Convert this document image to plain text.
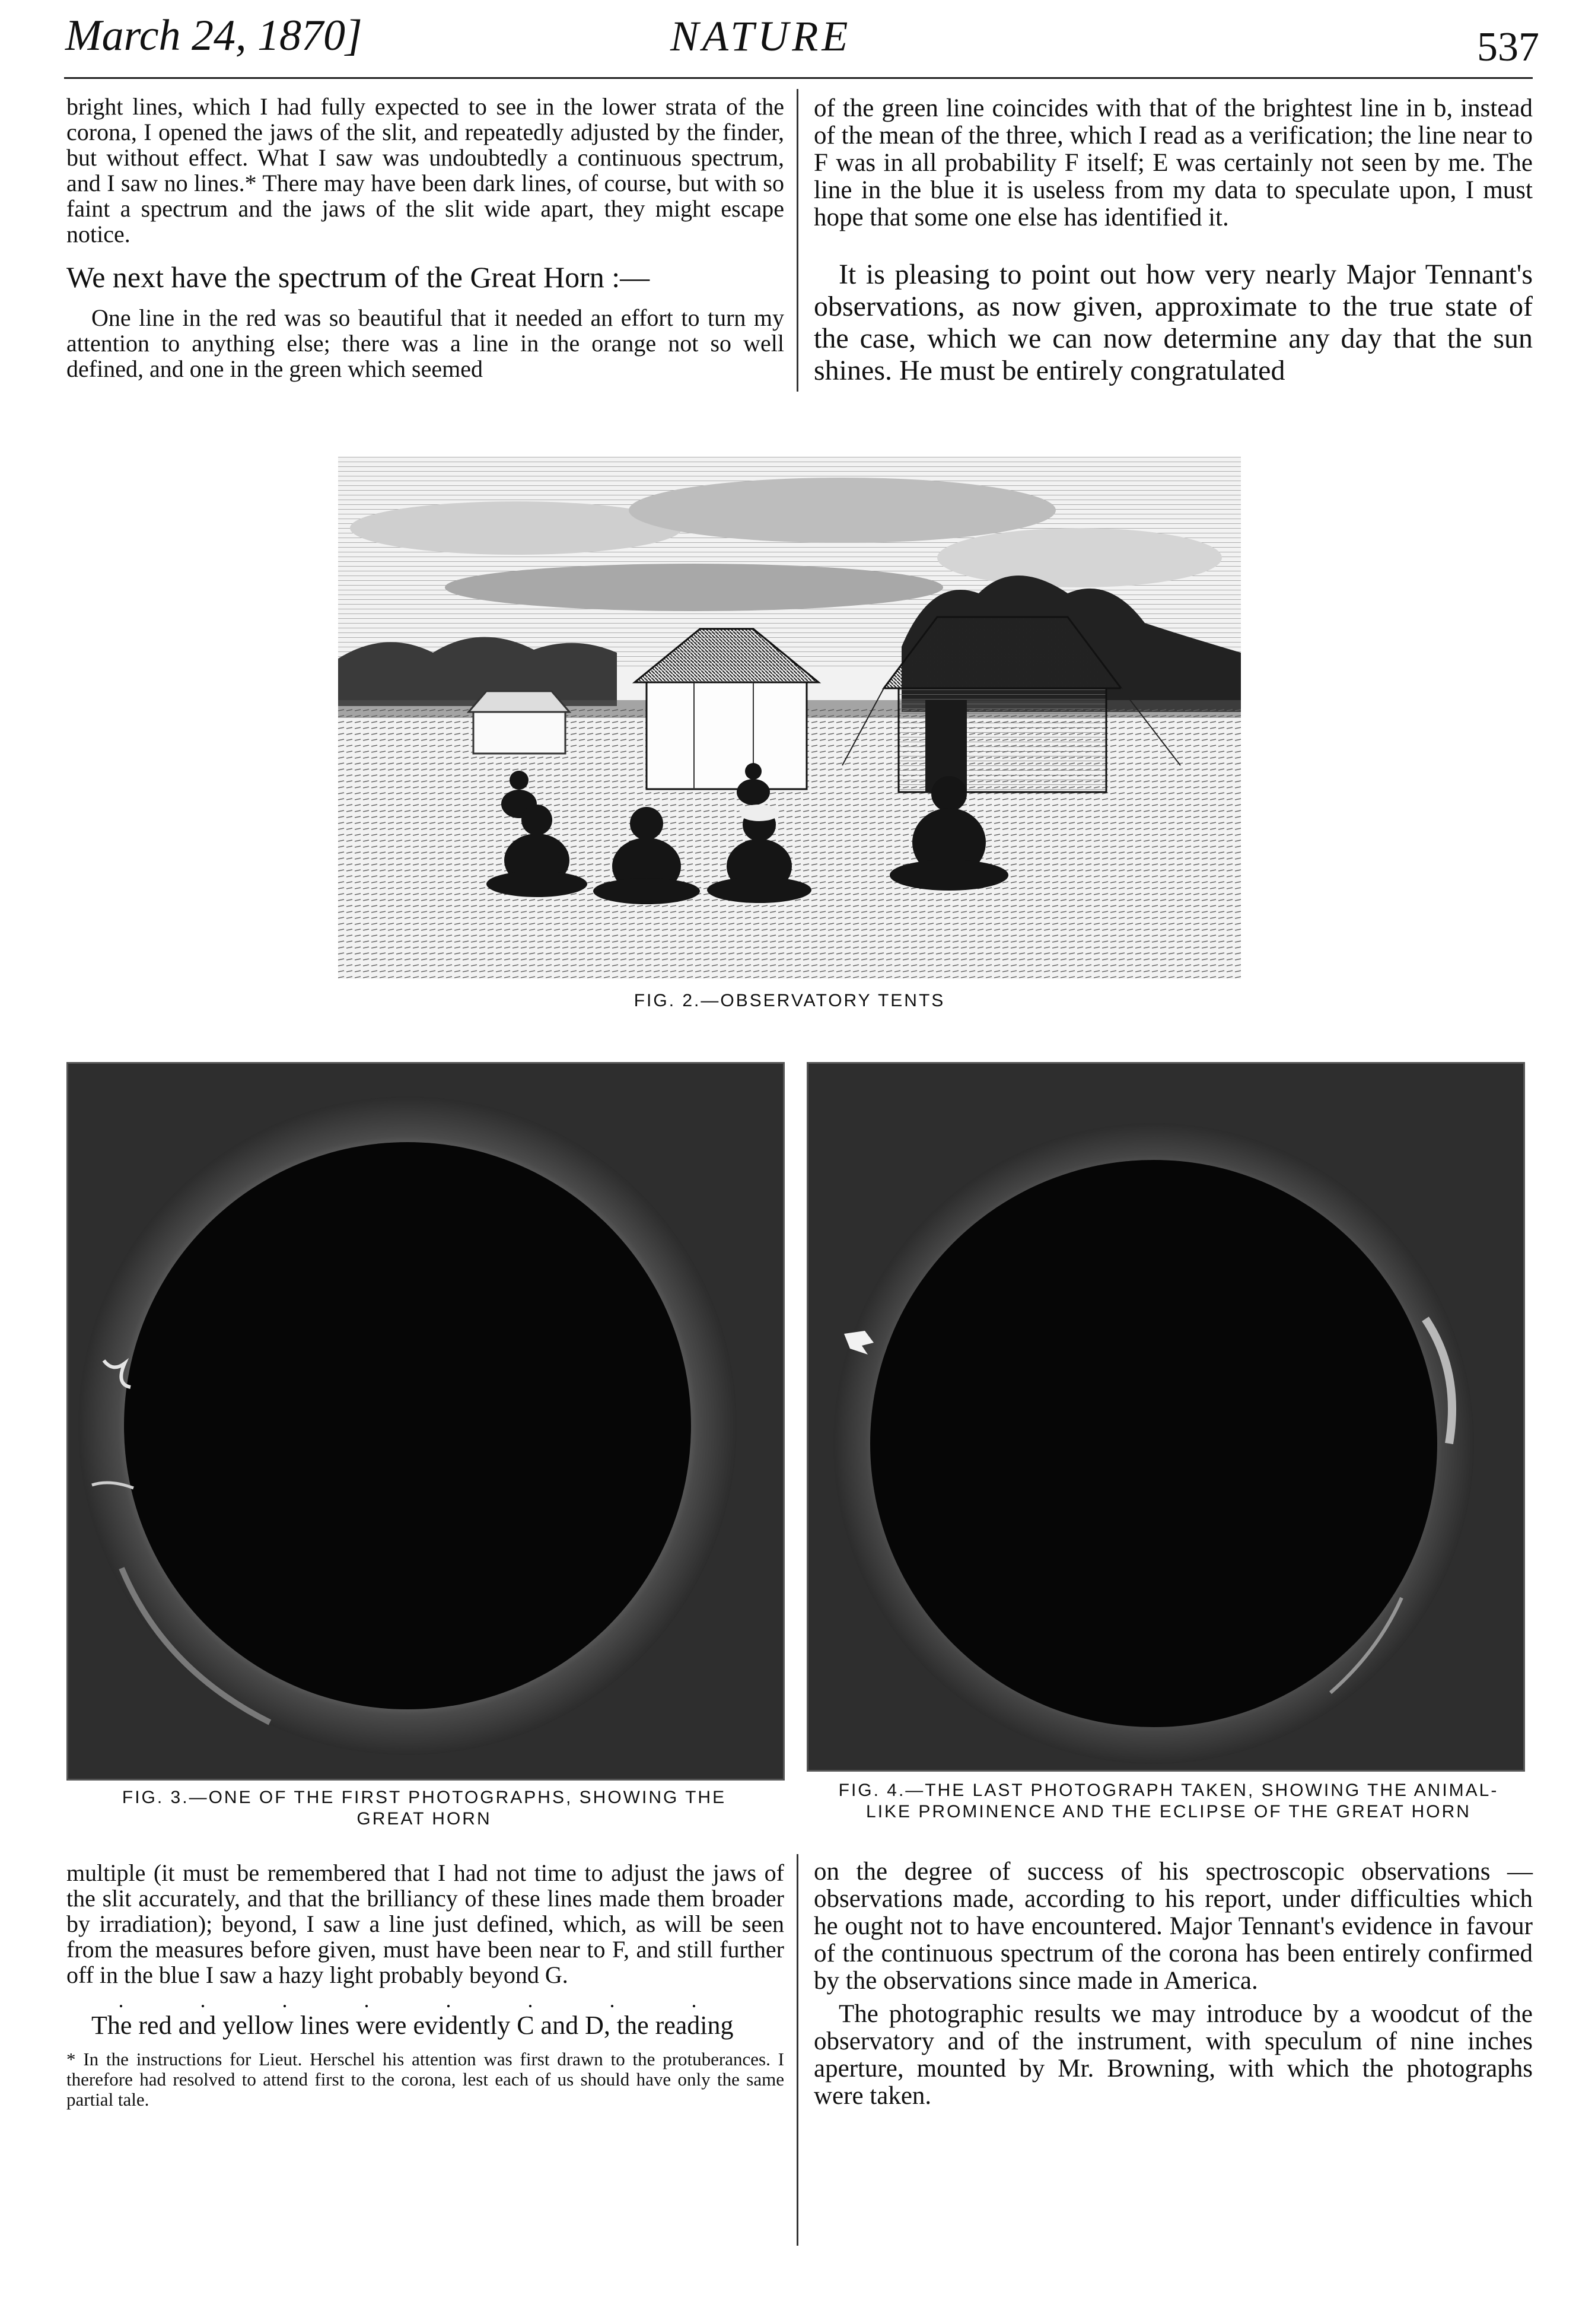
March 24, 1870]	NATURE	537

bright lines, which I had fully expected to see in the lower strata of the corona, I opened the jaws of the slit, and repeatedly adjusted by the finder, but without effect. What I saw was undoubtedly a continuous spectrum, and I saw no lines.* There may have been dark lines, of course, but with so faint a spectrum and the jaws of the slit wide apart, they might escape notice.

We next have the spectrum of the Great Horn :—

One line in the red was so beautiful that it needed an effort to turn my attention to anything else; there was a line in the orange not so well defined, and one in the green which seemed

of the green line coincides with that of the brightest line in b, instead of the mean of the three, which I read as a verification; the line near to F was in all probability F itself; E was certainly not seen by me. The line in the blue it is useless from my data to speculate upon, I must hope that some one else has identified it.

It is pleasing to point out how very nearly Major Tennant's observations, as now given, approximate to the true state of the case, which we can now determine any day that the sun shines. He must be entirely congratulated

FIG. 2.—OBSERVATORY TENTS
FIG. 3.—ONE OF THE FIRST PHOTOGRAPHS, SHOWING THE GREAT HORN
FIG. 4.—THE LAST PHOTOGRAPH TAKEN, SHOWING THE ANIMAL-LIKE PROMINENCE AND THE ECLIPSE OF THE GREAT HORN

multiple (it must be remembered that I had not time to adjust the jaws of the slit accurately, and that the brilliancy of these lines made them broader by irradiation); beyond, I saw a line just defined, which, as will be seen from the measures before given, must have been near to F, and still further off in the blue I saw a hazy light probably beyond G.

. . . . . . . .

The red and yellow lines were evidently C and D, the reading

* In the instructions for Lieut. Herschel his attention was first drawn to the protuberances. I therefore had resolved to attend first to the corona, lest each of us should have only the same partial tale.

on the degree of success of his spectroscopic observations —observations made, according to his report, under difficulties which he ought not to have encountered. Major Tennant's evidence in favour of the continuous spectrum of the corona has been entirely confirmed by the observations since made in America.

The photographic results we may introduce by a woodcut of the observatory and of the instrument, with speculum of nine inches aperture, mounted by Mr. Browning, with which the photographs were taken.
